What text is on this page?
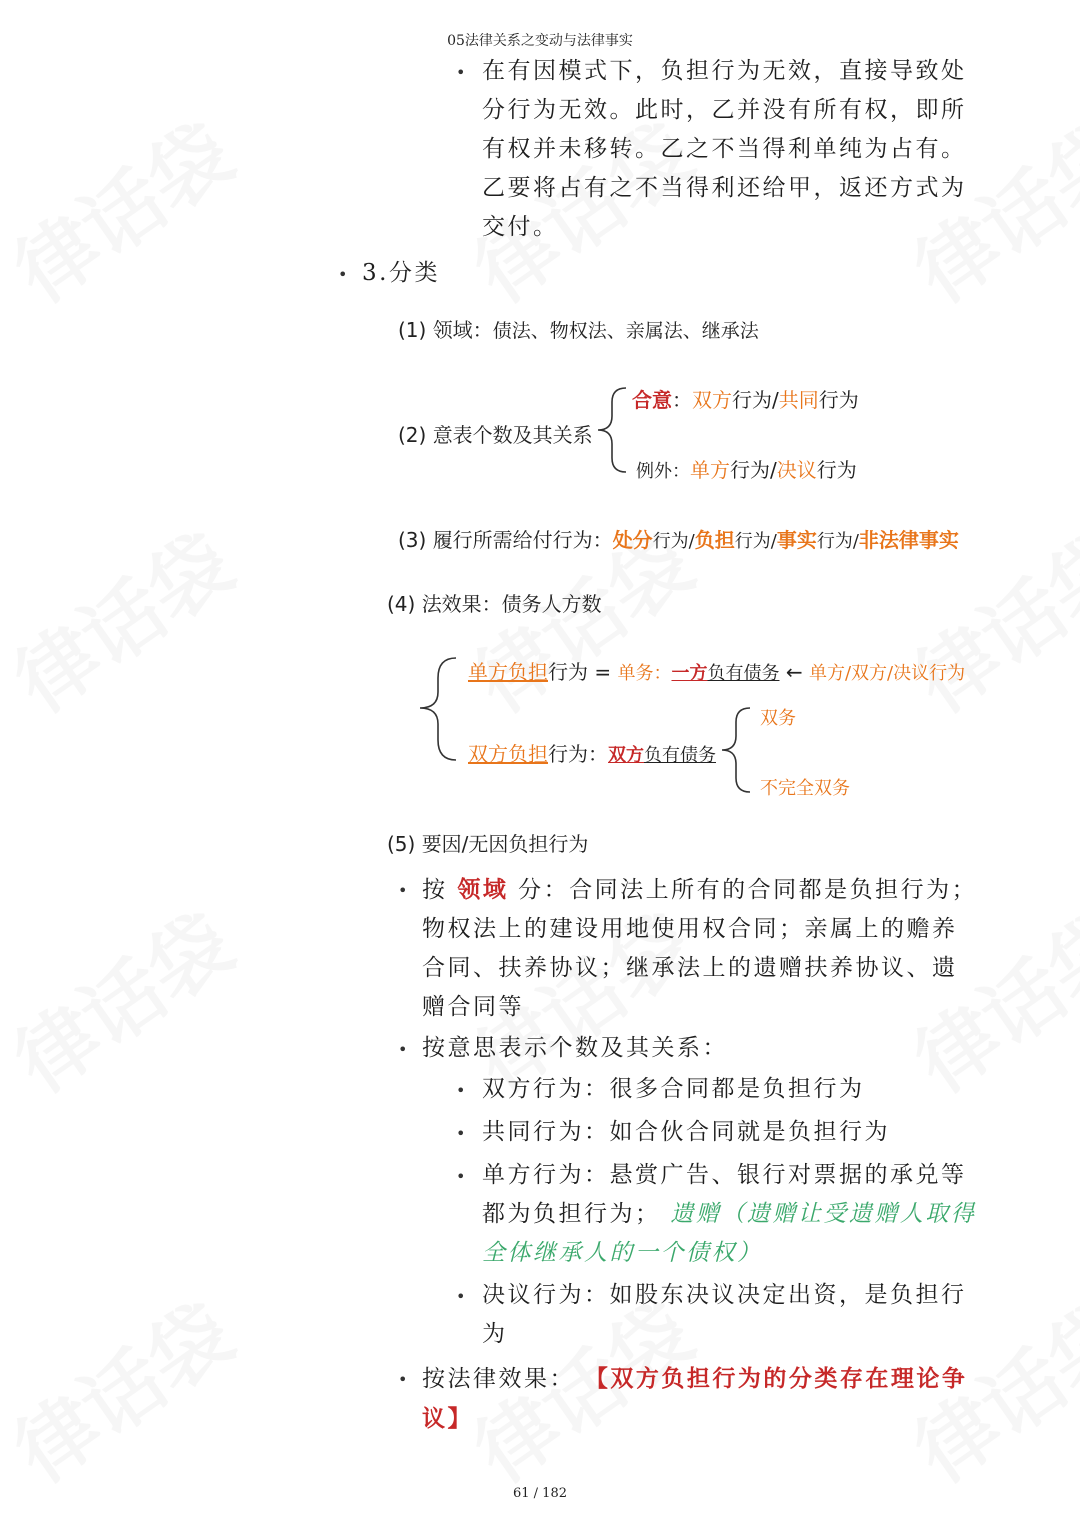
05法律关系之变动与法律事实
• 在有因模式下，负担行为无效，直接导致处
分行为无效。此时，乙并没有所有权，即所
有权并未移转。乙之不当得利单纯为占有。
乙要将占有之不当得利还给甲，返还方式为
交付。
• 3.分类
(1) 领域：债法、物权法、亲属法、继承法
(2) 意表个数及其关系
合意：双方行为/共同行为
例外：单方行为/决议行为
(3) 履行所需给付行为：处分行为/负担行为/事实行为/非法律事实
(4) 法效果：债务人方数
单方负担行为 = 单务：一方负有债务 ← 单方/双方/决议行为
双方负担行为：双方负有债务
双务
不完全双务
(5) 要因/无因负担行为
• 按 领域 分：合同法上所有的合同都是负担行为；
物权法上的建设用地使用权合同；亲属上的赡养
合同、扶养协议；继承法上的遗赠扶养协议、遗
赠合同等
• 按意思表示个数及其关系：
• 双方行为：很多合同都是负担行为
• 共同行为：如合伙合同就是负担行为
• 单方行为：悬赏广告、银行对票据的承兑等
都为负担行为； 遗赠（遗赠让受遗赠人取得
全体继承人的一个债权）
• 决议行为：如股东决议决定出资，是负担行
为
• 按法律效果： 【双方负担行为的分类存在理论争
议】
61 / 182
